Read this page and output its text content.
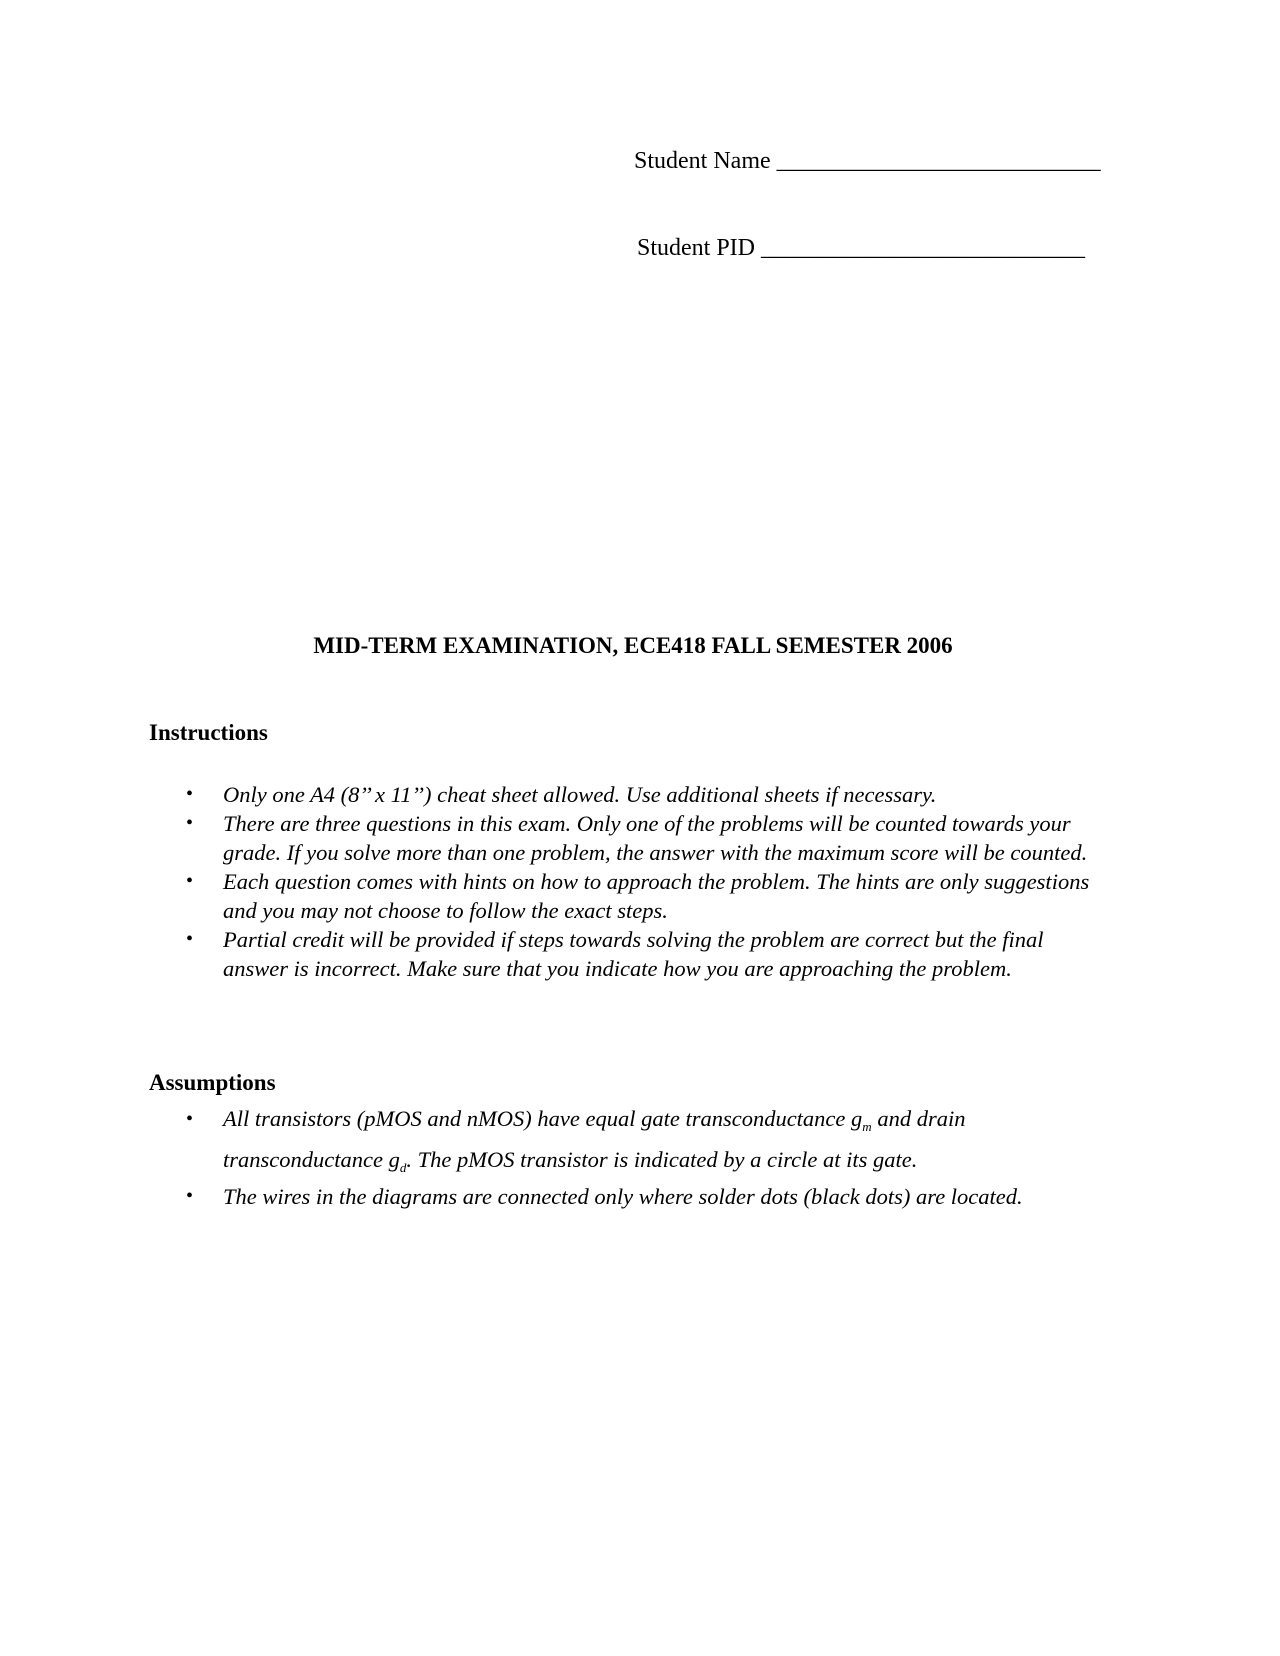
Student Name ___________________________
Student PID ___________________________
MID-TERM EXAMINATION, ECE418 FALL SEMESTER 2006
Instructions
• Only one A4 (8’’ x 11’’) cheat sheet allowed. Use additional sheets if necessary.
• There are three questions in this exam. Only one of the problems will be counted towards your grade. If you solve more than one problem, the answer with the maximum score will be counted.
• Each question comes with hints on how to approach the problem. The hints are only suggestions and you may not choose to follow the exact steps.
• Partial credit will be provided if steps towards solving the problem are correct but the final answer is incorrect. Make sure that you indicate how you are approaching the problem.
Assumptions
• All transistors (pMOS and nMOS) have equal gate transconductance $g_m$ and drain transconductance $g_d$. The pMOS transistor is indicated by a circle at its gate.
• The wires in the diagrams are connected only where solder dots (black dots) are located.
